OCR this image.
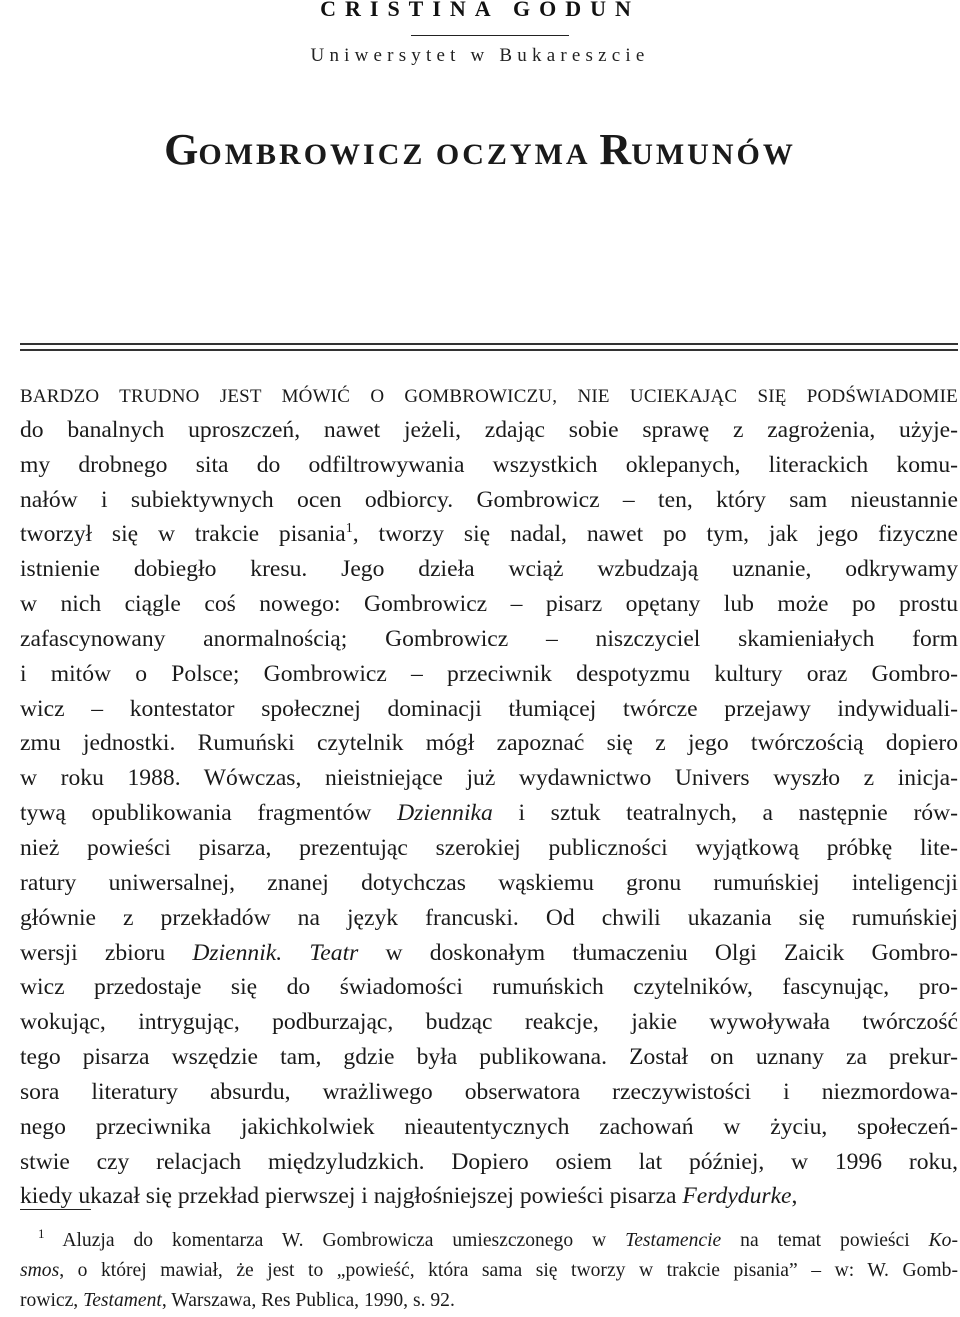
CRISTINA GODUN
Uniwersytet w Bukareszcie
GOMBROWICZ OCZYMA RUMUNÓW
BARDZO TRUDNO JEST MÓWIĆ O GOMBROWICZU, NIE UCIEKAJĄC SIĘ PODŚWIADOMIE
do banalnych uproszczeń, nawet jeżeli, zdając sobie sprawę z zagrożenia, użyje-
my drobnego sita do odfiltrowywania wszystkich oklepanych, literackich komu-
nałów i subiektywnych ocen odbiorcy. Gombrowicz – ten, który sam nieustannie
tworzył się w trakcie pisania$^1$, tworzy się nadal, nawet po tym, jak jego fizyczne
istnienie dobiegło kresu. Jego dzieła wciąż wzbudzają uznanie, odkrywamy
w nich ciągle coś nowego: Gombrowicz – pisarz opętany lub może po prostu
zafascynowany anormalnością; Gombrowicz – niszczyciel skamieniałych form
i mitów o Polsce; Gombrowicz – przeciwnik despotyzmu kultury oraz Gombro-
wicz – kontestator społecznej dominacji tłumiącej twórcze przejawy indywiduali-
zmu jednostki. Rumuński czytelnik mógł zapoznać się z jego twórczością dopiero
w roku 1988. Wówczas, nieistniejące już wydawnictwo Univers wyszło z inicja-
tywą opublikowania fragmentów Dziennika i sztuk teatralnych, a następnie rów-
nież powieści pisarza, prezentując szerokiej publiczności wyjątkową próbkę lite-
ratury uniwersalnej, znanej dotychczas wąskiemu gronu rumuńskiej inteligencji
głównie z przekładów na język francuski. Od chwili ukazania się rumuńskiej
wersji zbioru Dziennik. Teatr w doskonałym tłumaczeniu Olgi Zaicik Gombro-
wicz przedostaje się do świadomości rumuńskich czytelników, fascynując, pro-
wokując, intrygując, podburzając, budząc reakcje, jakie wywoływała twórczość
tego pisarza wszędzie tam, gdzie była publikowana. Został on uznany za prekur-
sora literatury absurdu, wrażliwego obserwatora rzeczywistości i niezmordowa-
nego przeciwnika jakichkolwiek nieautentycznych zachowań w życiu, społeczeń-
stwie czy relacjach międzyludzkich. Dopiero osiem lat później, w 1996 roku,
kiedy ukazał się przekład pierwszej i najgłośniejszej powieści pisarza Ferdydurke,
$^1$ Aluzja do komentarza W. Gombrowicza umieszczonego w Testamencie na temat powieści Ko-
smos, o której mawiał, że jest to „powieść, która sama się tworzy w trakcie pisania” – w: W. Gomb-
rowicz, Testament, Warszawa, Res Publica, 1990, s. 92.
